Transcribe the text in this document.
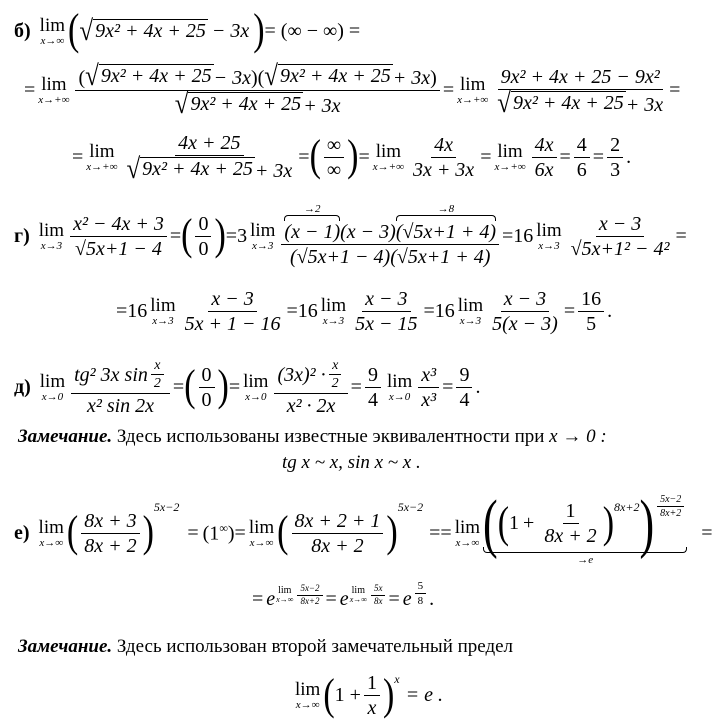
б) lim
x→∞ ( √ 9x² + 4x + 25 − 3x ) = (∞ − ∞) =
= lim
$x\to+\infty \frac{\text{( √ 9x² + 4x + 25 − 3x)( √ 9x² + 4x + 25 + 3x)}}{\text{√ 9x² + 4x + 25 + 3x}} = \lim$
$x\to+\infty \frac{\text{9x² + 4x + 25 − 9x²}}{\text{√ 9x² + 4x + 25 + 3x}}$ =
= lim
$x\to+\infty \frac{4x + 25}{\text{√ 9x² + 4x + 25 + 3x}}$ = ( $\frac{\infty}{\infty}$ ) = lim
$x\to+\infty \frac{4x}{3x + 3x} = \lim$
$x\to+\infty \frac{4x}{6x} = \frac{4}{6} = \frac{2}{3}$ .
г) lim
$x\to 3 \frac{\text{x² − 4x + 3}}{√5x+1 - 4}$ = ( $\frac{0}{0}$ ) = 3 lim
x→3 →2
(x − 1) (x − 3)
→8
(√5x+1 + 4)
(√5x+1 − 4)(√5x+1 + 4) = 16 lim
$x\to 3 \frac{x - 3}{\text{√5x+1² − 4²}}$ =
= 16 lim
$x\to 3 \frac{x - 3}{5x + 1 - 16} = 16$ lim
$x\to 3 \frac{x - 3}{5x - 15} = 16$ lim
$x\to 3 \frac{x - 3}{5(x - 3)} = \frac{16}{5}$ .
д) lim
$x\to 0 \frac{tg^2 3x \sin \frac{x}{2}}{\text{x² sin 2x}}$ = ( $\frac{0}{0}$ ) = lim
$x\to 0 \frac{(3x)^2 \cdot \frac{x}{2}}{\text{x² · 2x}} = \frac{9}{4}$ lim
$x\to 0 \frac{\text{x³}}{\text{x³}} = \frac{9}{4}$ .
Замечание. Здесь использованы известные эквивалентности при x → 0 :
tg x ~ x, sin x ~ x .
е) lim
x→∞ ( $\frac{8x + 3}{8x + 2}$ )
$^{5x-2}$
= (1∞) = lim
x→∞ ( $\frac{8x + 2 + 1}{8x + 2}$ )
$^{5x-2}$
== lim
x→∞ ( ( $1 + \frac{1}{8x + 2} )^{8x+2}$ ) $\frac{5x-2}{8x+2}$
→e
=
= e lim
$x\to\infty \frac{5x-2}{8x+2} = e$ lim
$x\to\infty \frac{5x}{8x} = e \frac{5}{8}$ .
Замечание. Здесь использован второй замечательный предел
lim
x→∞ ( $1 + \frac{1}{x} )^x$
= e .
